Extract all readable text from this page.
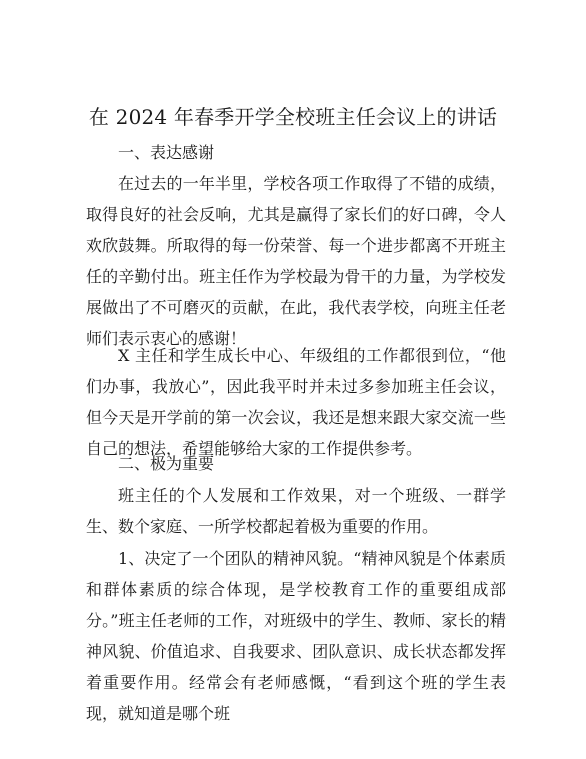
在 2024 年春季开学全校班主任会议上的讲话
一、表达感谢
在过去的一年半里，学校各项工作取得了不错的成绩，取得良好的社会反响，尤其是赢得了家长们的好口碑，令人欢欣鼓舞。所取得的每一份荣誉、每一个进步都离不开班主任的辛勤付出。班主任作为学校最为骨干的力量，为学校发展做出了不可磨灭的贡献，在此，我代表学校，向班主任老师们表示衷心的感谢！
X 主任和学生成长中心、年级组的工作都很到位，“他们办事，我放心”，因此我平时并未过多参加班主任会议，但今天是开学前的第一次会议，我还是想来跟大家交流一些自己的想法，希望能够给大家的工作提供参考。
二、极为重要
班主任的个人发展和工作效果，对一个班级、一群学生、数个家庭、一所学校都起着极为重要的作用。
1、决定了一个团队的精神风貌。“精神风貌是个体素质和群体素质的综合体现，是学校教育工作的重要组成部分。”班主任老师的工作，对班级中的学生、教师、家长的精神风貌、价值追求、自我要求、团队意识、成长状态都发挥着重要作用。经常会有老师感慨，“看到这个班的学生表现，就知道是哪个班
